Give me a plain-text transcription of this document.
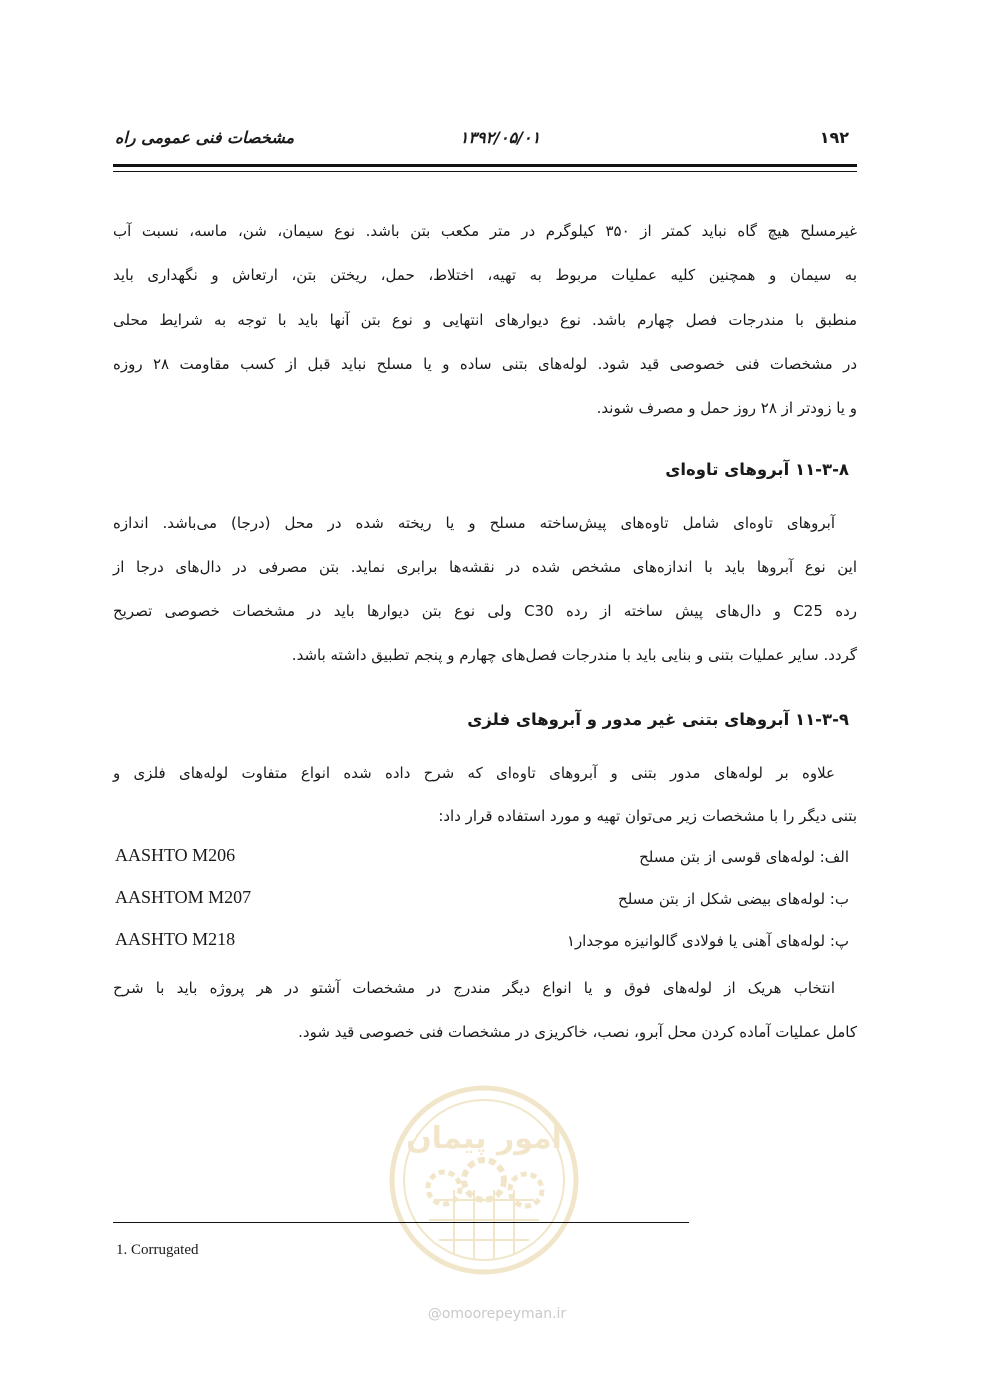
۱۹۲
۱۳۹۲/۰۵/۰۱
مشخصات فنی عمومی راه
غیرمسلح هیچ گاه نباید کمتر از ۳۵۰ کیلوگرم در متر مکعب بتن باشد. نوع سیمان، شن، ماسه، نسبت آب
به سیمان و همچنین کلیه عملیات مربوط به تهیه، اختلاط، حمل، ریختن بتن، ارتعاش و نگهداری باید
منطبق با مندرجات فصل چهارم باشد. نوع دیوارهای انتهایی و نوع بتن آنها باید با توجه به شرایط محلی
در مشخصات فنی خصوصی قید شود. لوله‌های بتنی ساده و یا مسلح نباید قبل از کسب مقاومت ۲۸ روزه
و یا زودتر از ۲۸ روز حمل و مصرف شوند.
۱۱-۳-۸ آبروهای تاوه‌ای
آبروهای تاوه‌ای شامل تاوه‌های پیش‌ساخته مسلح و یا ریخته شده در محل (درجا) می‌باشد. اندازه
این نوع آبروها باید با اندازه‌های مشخص شده در نقشه‌ها برابری نماید. بتن مصرفی در دال‌های درجا از
رده C25 و دال‌های پیش ساخته از رده C30 ولی نوع بتن دیوارها باید در مشخصات خصوصی تصریح
گردد. سایر عملیات بتنی و بنایی باید با مندرجات فصل‌های چهارم و پنجم تطبیق داشته باشد.
۱۱-۳-۹ آبروهای بتنی غیر مدور و آبروهای فلزی
علاوه بر لوله‌های مدور بتنی و آبروهای تاوه‌ای که شرح داده شده انواع متفاوت لوله‌های فلزی و
بتنی دیگر را با مشخصات زیر می‌توان تهیه و مورد استفاده قرار داد:
الف: لوله‌های قوسی از بتن مسلح
AASHTO M206
ب: لوله‌های بیضی شکل از بتن مسلح
AASHTOM M207
پ: لوله‌های آهنی یا فولادی گالوانیزه موجدار۱
AASHTO M218
انتخاب هریک از لوله‌های فوق و یا انواع دیگر مندرج در مشخصات آشتو در هر پروژه باید با شرح
کامل عملیات آماده کردن محل آبرو، نصب، خاکریزی در مشخصات فنی خصوصی قید شود.
امور پیمان
@omoorepeyman.ir
1. Corrugated
